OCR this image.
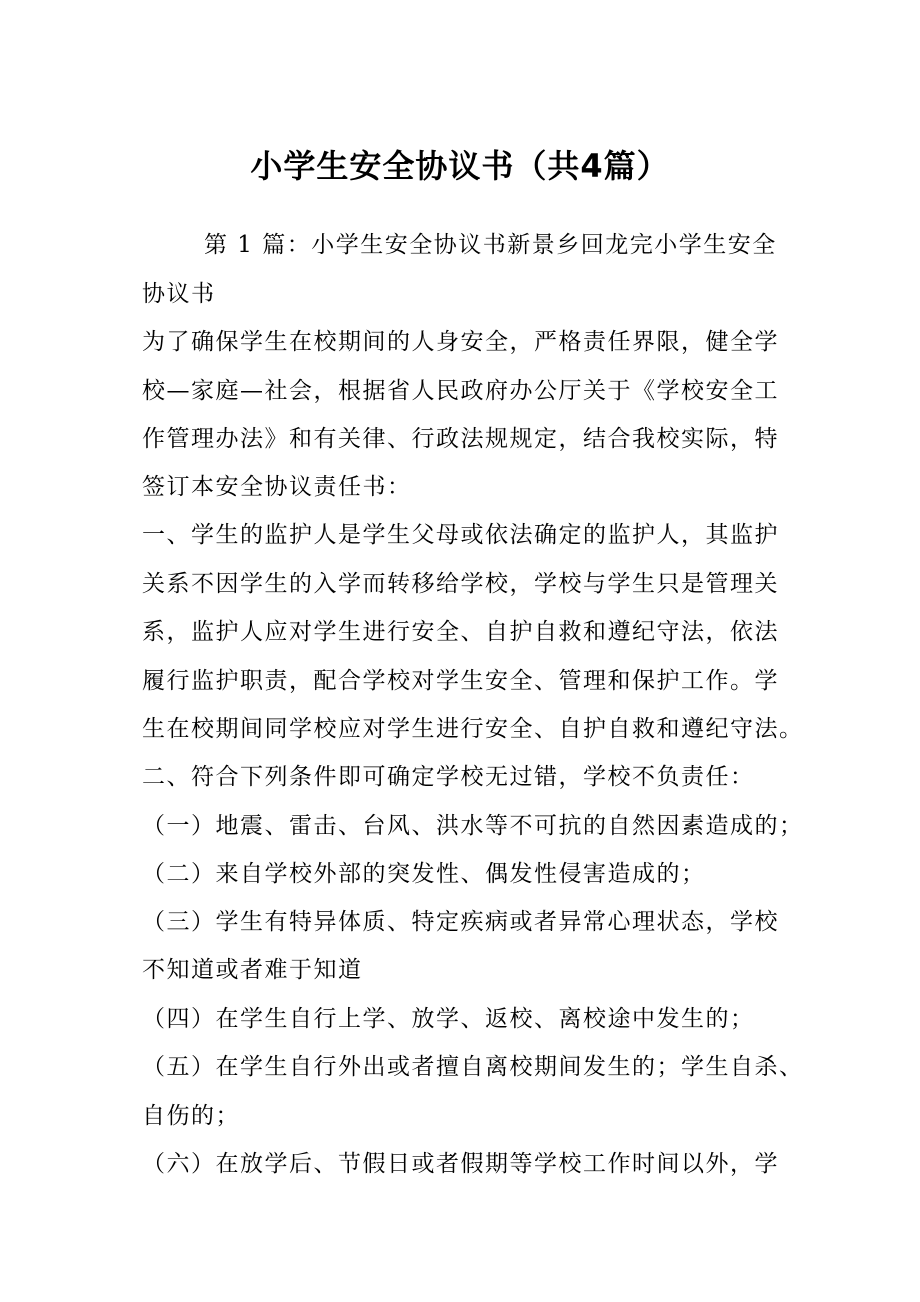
小学生安全协议书（共4篇）
第 1 篇：小学生安全协议书新景乡回龙完小学生安全
协议书
为了确保学生在校期间的人身安全，严格责任界限，健全学
校—家庭—社会，根据省人民政府办公厅关于《学校安全工
作管理办法》和有关律、行政法规规定，结合我校实际，特
签订本安全协议责任书：
一、学生的监护人是学生父母或依法确定的监护人，其监护
关系不因学生的入学而转移给学校，学校与学生只是管理关
系，监护人应对学生进行安全、自护自救和遵纪守法，依法
履行监护职责，配合学校对学生安全、管理和保护工作。学
生在校期间同学校应对学生进行安全、自护自救和遵纪守法。
二、符合下列条件即可确定学校无过错，学校不负责任：
（一）地震、雷击、台风、洪水等不可抗的自然因素造成的；
（二）来自学校外部的突发性、偶发性侵害造成的；
（三）学生有特异体质、特定疾病或者异常心理状态，学校
不知道或者难于知道
（四）在学生自行上学、放学、返校、离校途中发生的；
（五）在学生自行外出或者擅自离校期间发生的；学生自杀、
自伤的；
（六）在放学后、节假日或者假期等学校工作时间以外，学
